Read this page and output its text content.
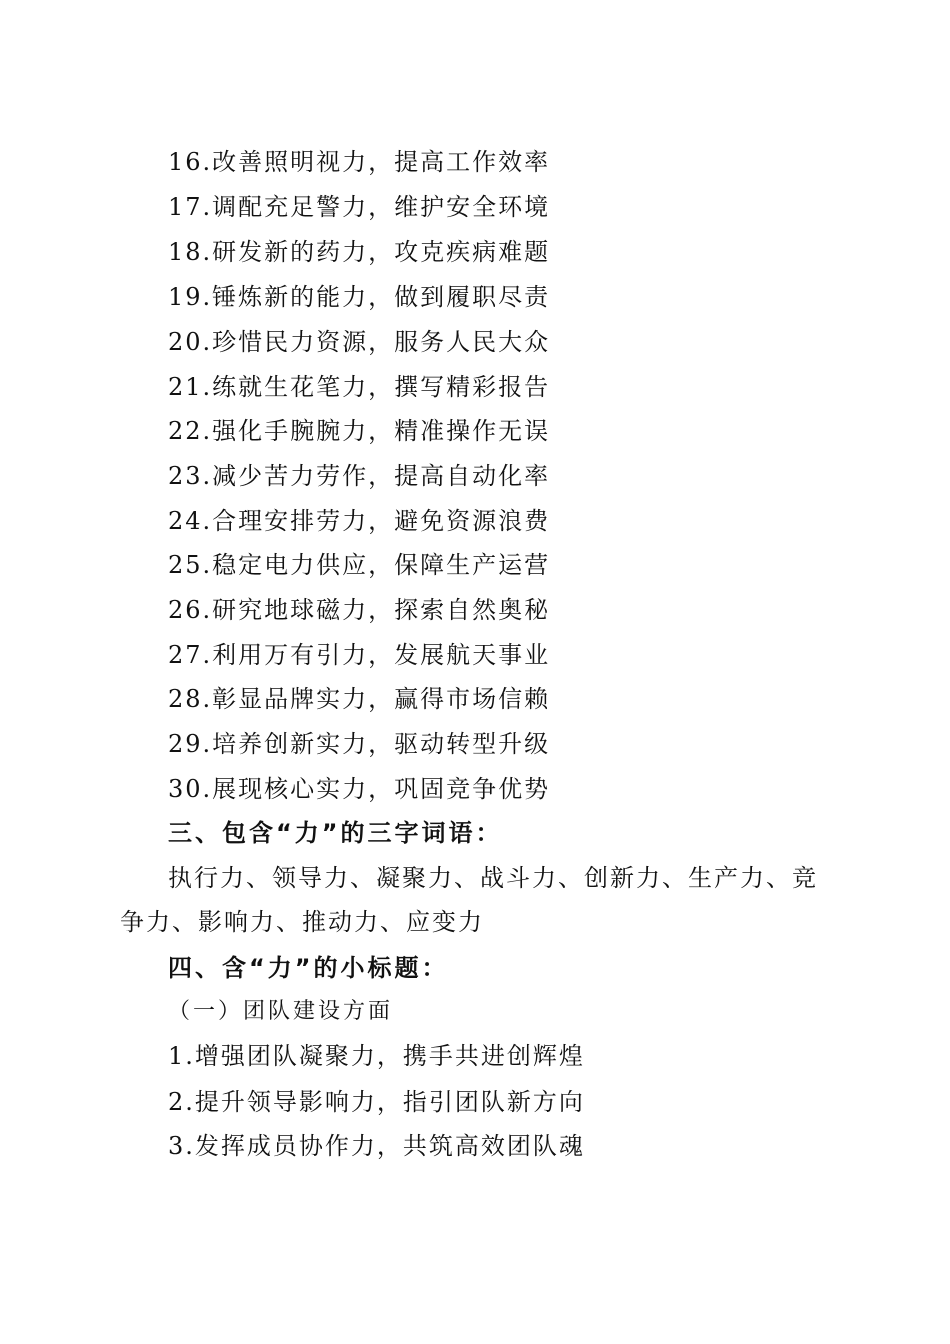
16.改善照明视力，提高工作效率
17.调配充足警力，维护安全环境
18.研发新的药力，攻克疾病难题
19.锤炼新的能力，做到履职尽责
20.珍惜民力资源，服务人民大众
21.练就生花笔力，撰写精彩报告
22.强化手腕腕力，精准操作无误
23.减少苦力劳作，提高自动化率
24.合理安排劳力，避免资源浪费
25.稳定电力供应，保障生产运营
26.研究地球磁力，探索自然奥秘
27.利用万有引力，发展航天事业
28.彰显品牌实力，赢得市场信赖
29.培养创新实力，驱动转型升级
30.展现核心实力，巩固竞争优势
三、包含“力”的三字词语：
执行力、领导力、凝聚力、战斗力、创新力、生产力、竞争力、影响力、推动力、应变力
四、含“力”的小标题：
（一）团队建设方面
1.增强团队凝聚力，携手共进创辉煌
2.提升领导影响力，指引团队新方向
3.发挥成员协作力，共筑高效团队魂
